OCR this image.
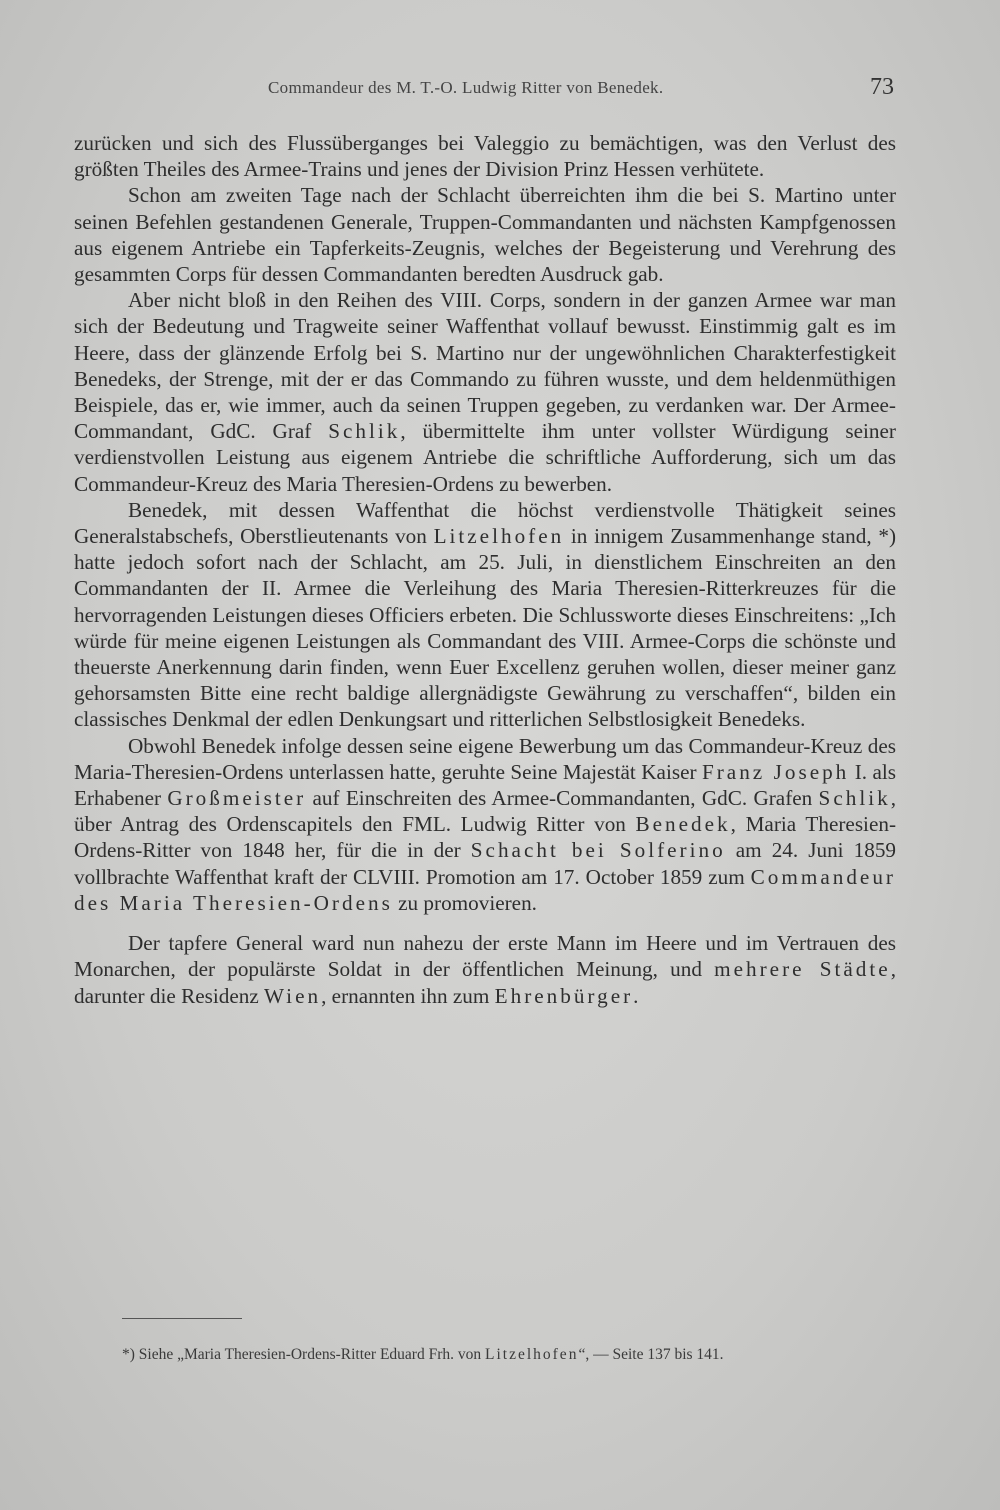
Commandeur des M. T.-O. Ludwig Ritter von Benedek.	73

zurücken und sich des Flussüberganges bei Valeggio zu bemächtigen, was den Verlust des größten Theiles des Armee-Trains und jenes der Division Prinz Hessen verhütete.

Schon am zweiten Tage nach der Schlacht überreichten ihm die bei S. Martino unter seinen Befehlen gestandenen Generale, Truppen-Commandanten und nächsten Kampfgenossen aus eigenem Antriebe ein Tapferkeits-Zeugnis, welches der Begeisterung und Verehrung des gesammten Corps für dessen Commandanten beredten Ausdruck gab.

Aber nicht bloß in den Reihen des VIII. Corps, sondern in der ganzen Armee war man sich der Bedeutung und Tragweite seiner Waffenthat vollauf bewusst. Einstimmig galt es im Heere, dass der glänzende Erfolg bei S. Martino nur der ungewöhnlichen Charakterfestigkeit Benedeks, der Strenge, mit der er das Commando zu führen wusste, und dem heldenmüthigen Beispiele, das er, wie immer, auch da seinen Truppen gegeben, zu verdanken war. Der Armee-Commandant, GdC. Graf Schlik, übermittelte ihm unter vollster Würdigung seiner verdienstvollen Leistung aus eigenem Antriebe die schriftliche Aufforderung, sich um das Commandeur-Kreuz des Maria Theresien-Ordens zu bewerben.

Benedek, mit dessen Waffenthat die höchst verdienstvolle Thätigkeit seines Generalstabschefs, Oberstlieutenants von Litzelhofen in innigem Zusammenhange stand, *) hatte jedoch sofort nach der Schlacht, am 25. Juli, in dienstlichem Einschreiten an den Commandanten der II. Armee die Verleihung des Maria Theresien-Ritterkreuzes für die hervorragenden Leistungen dieses Officiers erbeten. Die Schlussworte dieses Einschreitens: „Ich würde für meine eigenen Leistungen als Commandant des VIII. Armee-Corps die schönste und theuerste Anerkennung darin finden, wenn Euer Excellenz geruhen wollen, dieser meiner ganz gehorsamsten Bitte eine recht baldige allergnädigste Gewährung zu verschaffen“, bilden ein classisches Denkmal der edlen Denkungsart und ritterlichen Selbstlosigkeit Benedeks.

Obwohl Benedek infolge dessen seine eigene Bewerbung um das Commandeur-Kreuz des Maria-Theresien-Ordens unterlassen hatte, geruhte Seine Majestät Kaiser Franz Joseph I. als Erhabener Großmeister auf Einschreiten des Armee-Commandanten, GdC. Grafen Schlik, über Antrag des Ordenscapitels den FML. Ludwig Ritter von Benedek, Maria Theresien-Ordens-Ritter von 1848 her, für die in der Schacht bei Solferino am 24. Juni 1859 vollbrachte Waffenthat kraft der CLVIII. Promotion am 17. October 1859 zum Commandeur des Maria Theresien-Ordens zu promovieren.

Der tapfere General ward nun nahezu der erste Mann im Heere und im Vertrauen des Monarchen, der populärste Soldat in der öffentlichen Meinung, und mehrere Städte, darunter die Residenz Wien, ernannten ihn zum Ehrenbürger.

*) Siehe „Maria Theresien-Ordens-Ritter Eduard Frh. von Litzelhofen“, — Seite 137 bis 141.
